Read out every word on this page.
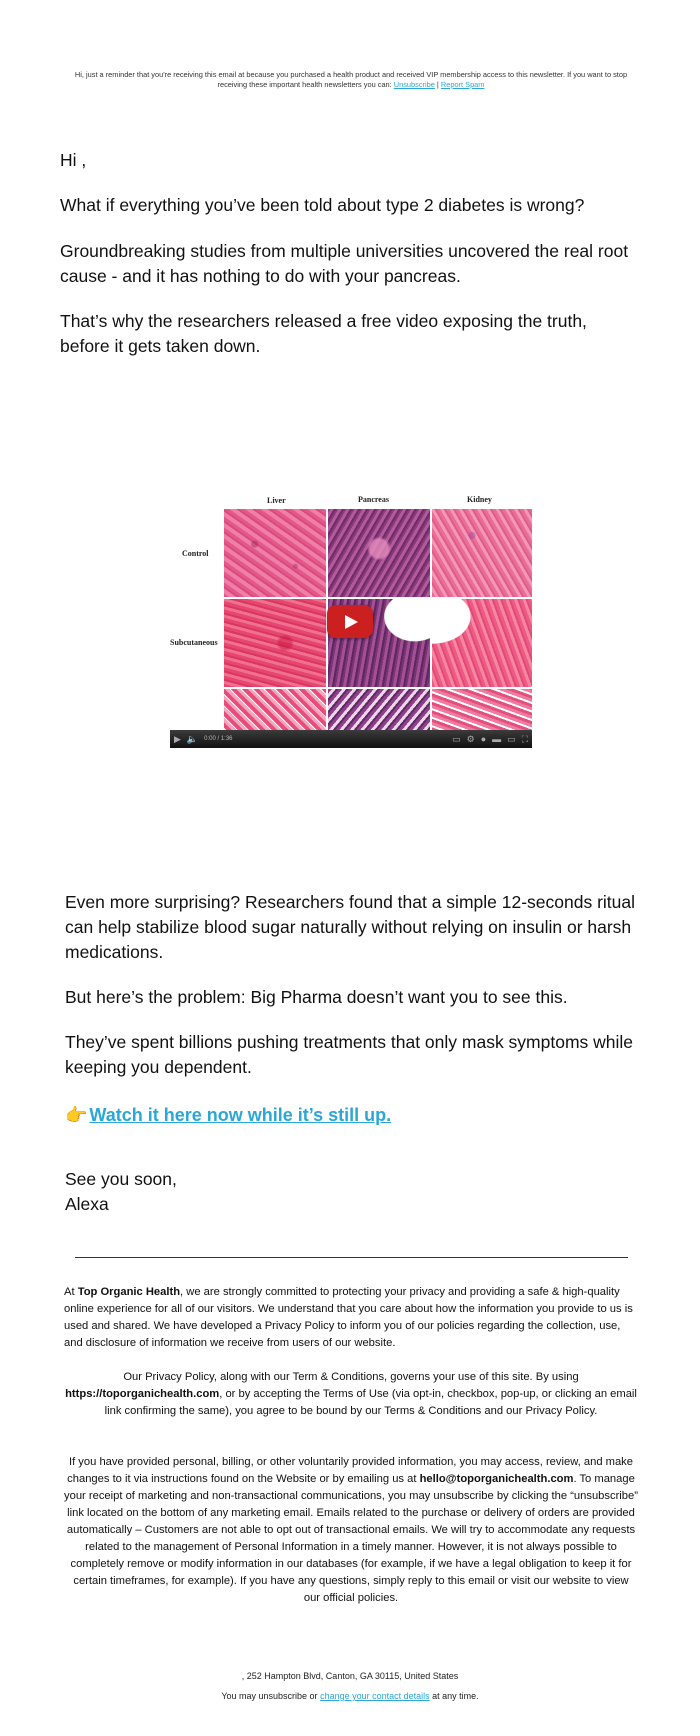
Hi, just a reminder that you're receiving this email at because you purchased a health product and received VIP membership access to this newsletter. If you want to stop receiving these important health newsletters you can: Unsubscribe | Report Spam
Hi ,
What if everything you’ve been told about type 2 diabetes is wrong?
Groundbreaking studies from multiple universities uncovered the real root cause - and it has nothing to do with your pancreas.
That’s why the researchers released a free video exposing the truth, before it gets taken down.
Liver	Pancreas	Kidney
Control
Subcutaneous
▶ 🔈 0:00 / 1:36	▭ ⚙ ● ▬ ▭ ⛶
Even more surprising? Researchers found that a simple 12-seconds ritual can help stabilize blood sugar naturally without relying on insulin or harsh medications.
But here’s the problem: Big Pharma doesn’t want you to see this.
They’ve spent billions pushing treatments that only mask symptoms while keeping you dependent.
👉 Watch it here now while it’s still up.
See you soon,
Alexa
At Top Organic Health, we are strongly committed to protecting your privacy and providing a safe & high-quality online experience for all of our visitors. We understand that you care about how the information you provide to us is used and shared. We have developed a Privacy Policy to inform you of our policies regarding the collection, use, and disclosure of information we receive from users of our website.
Our Privacy Policy, along with our Term & Conditions, governs your use of this site. By using https://toporganichealth.com, or by accepting the Terms of Use (via opt-in, checkbox, pop-up, or clicking an email link confirming the same), you agree to be bound by our Terms & Conditions and our Privacy Policy.
If you have provided personal, billing, or other voluntarily provided information, you may access, review, and make changes to it via instructions found on the Website or by emailing us at hello@toporganichealth.com. To manage your receipt of marketing and non-transactional communications, you may unsubscribe by clicking the “unsubscribe” link located on the bottom of any marketing email. Emails related to the purchase or delivery of orders are provided automatically – Customers are not able to opt out of transactional emails. We will try to accommodate any requests related to the management of Personal Information in a timely manner. However, it is not always possible to completely remove or modify information in our databases (for example, if we have a legal obligation to keep it for certain timeframes, for example). If you have any questions, simply reply to this email or visit our website to view our official policies.
, 252 Hampton Blvd, Canton, GA 30115, United States
You may unsubscribe or change your contact details at any time.
